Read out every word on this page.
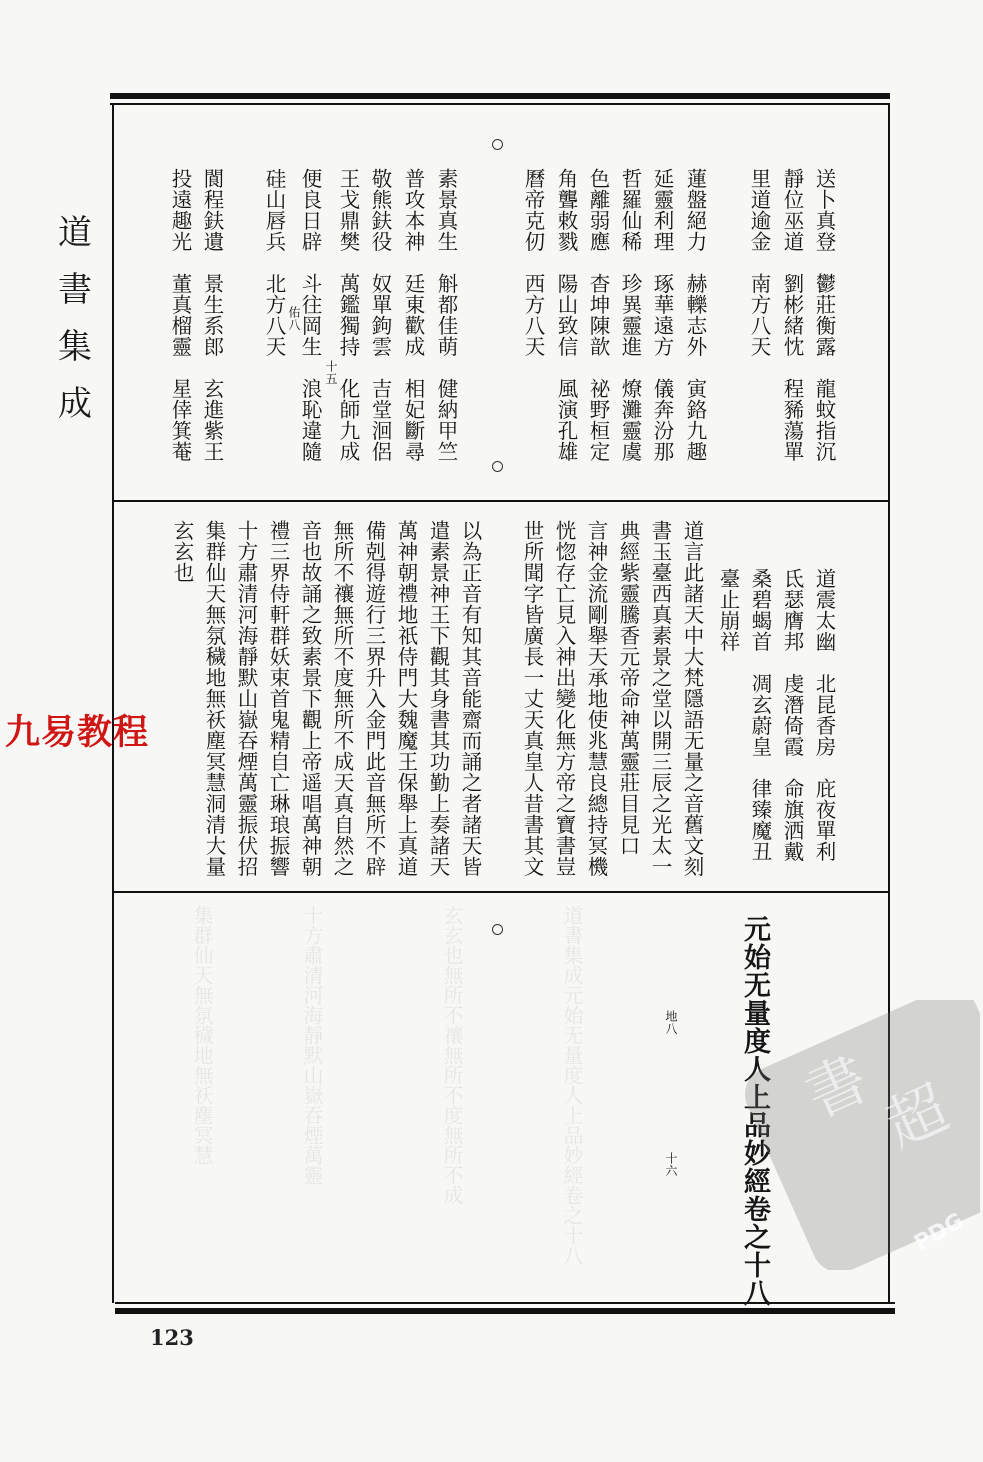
道書集成元始无量度人上品妙經卷之十八
玄玄也無所不禳無所不度無所不成
十方肅清河海靜默山嶽吞煙萬靈
集群仙天無氛穢地無祅塵冥慧
道
書
集
成
九易教程
送卜真登　鬱莊衡露　龍蚊指沉
靜位巫道　劉彬緒忱　程豨蕩單
里道逾金　南方八天
蓮盤絕力　赫轢志外　寅鉻九趣
延靈利理　琢華遠方　儀奔汾那
哲羅仙稀　珍異靈進　燎灘靈虞
色離弱應　杳坤陳歆　祕野桓定
角聾敕戮　陽山致信　風演孔雄
曆帝克仞　西方八天
素景真生　斛都佳萌　健納甲竺
普攻本神　廷東歡成　相妃斷尋
敬熊鈇役　奴單鉤雲　吉堂洄侶
王戈鼎樊　萬鑑獨持　化師九成
十五
便良日辟　斗往岡生　浪恥違隨
佑八
硅山唇兵　北方八天
閬程鈇遺　景生系郎　玄進紫王
投遠趣光　董真榴靈　星倖箕菴
道震太幽　北昆香房　庇夜單利
氐瑟膺邦　虔潛倚霞　命旗洒戴
桑碧蝎首　凋玄蔚皇　律臻魔丑
臺止崩祥
道言此諸天中大梵隱語无量之音舊文刻
書玉臺西真素景之堂以開三辰之光太一
典經紫靈騰香元帝命神萬靈莊目見口
言神金流剛舉天承地使兆慧良總持冥機
恍惚存亡見入神出變化無方帝之寶書豈
世所聞字皆廣長一丈天真皇人昔書其文
以為正音有知其音能齋而誦之者諸天皆
遣素景神王下觀其身書其功勤上奏諸天
萬神朝禮地祇侍門大魏魔王保舉上真道
備剋得遊行三界升入金門此音無所不辟
無所不禳無所不度無所不成天真自然之
音也故誦之致素景下觀上帝遥唱萬神朝
禮三界侍軒群妖束首鬼精自亡琳琅振響
十方肅清河海靜默山嶽吞煙萬靈振伏招
集群仙天無氛穢地無祅塵冥慧洞清大量
玄玄也
元始无量度人上品妙經卷之十八
地八
十六
書
超
PDG
123
